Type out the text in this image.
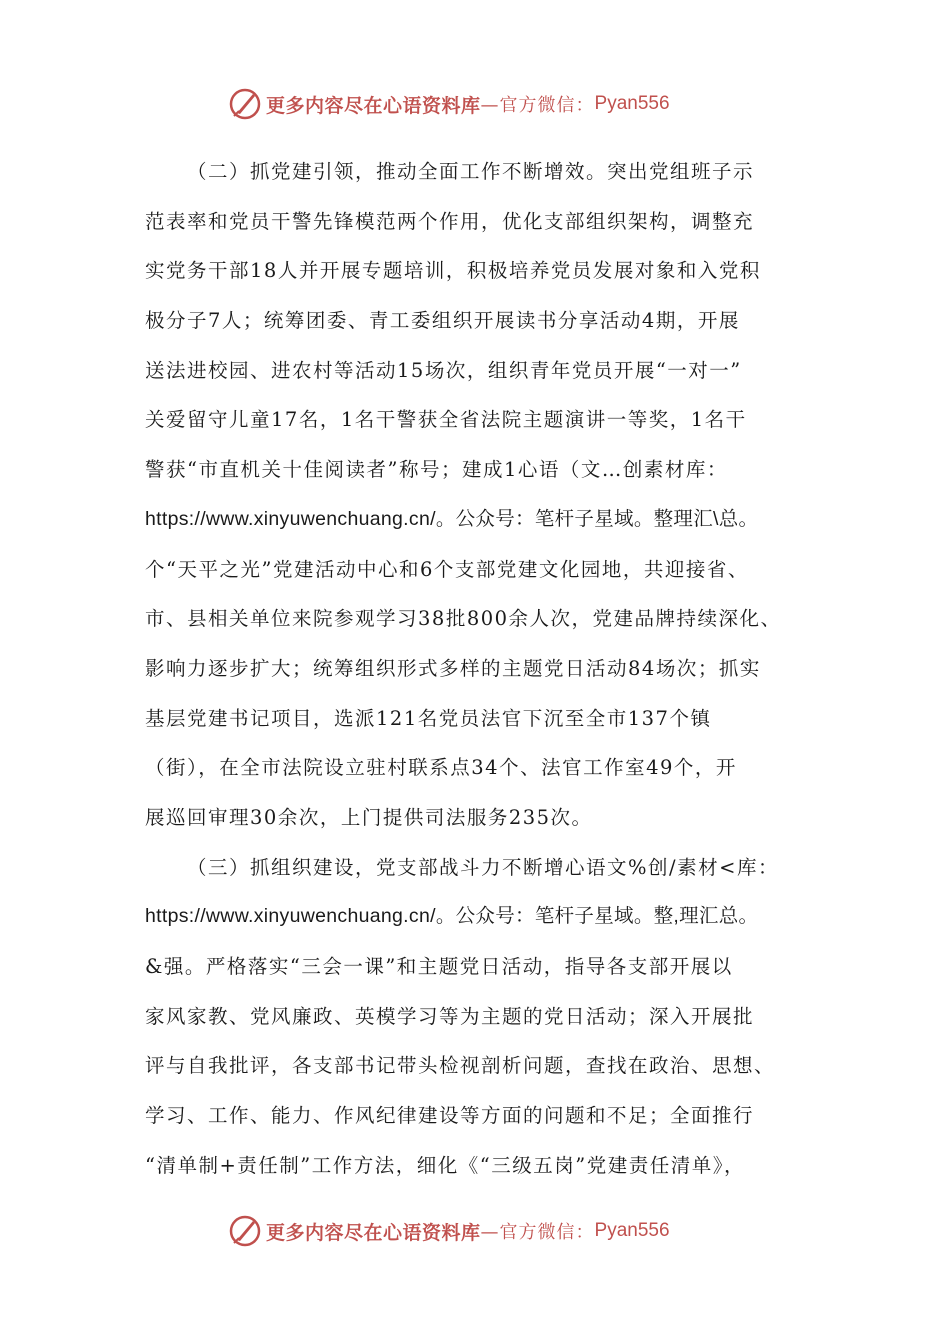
更多内容尽在心语资料库 —官方微信： Pyan556
（二）抓党建引领，推动全面工作不断增效。突出党组班子示
范表率和党员干警先锋模范两个作用，优化支部组织架构，调整充
实党务干部18人并开展专题培训，积极培养党员发展对象和入党积
极分子7人；统筹团委、青工委组织开展读书分享活动4期，开展
送法进校园、进农村等活动15场次，组织青年党员开展“一对一”
关爱留守儿童17名，1名干警获全省法院主题演讲一等奖，1名干
警获“市直机关十佳阅读者”称号；建成1心语（文…创素材库：
https://www.xinyuwenchuang.cn/。公众号：笔杆子星域。整理汇\总。
个“天平之光”党建活动中心和6个支部党建文化园地，共迎接省、
市、县相关单位来院参观学习38批800余人次，党建品牌持续深化、
影响力逐步扩大；统筹组织形式多样的主题党日活动84场次；抓实
基层党建书记项目，选派121名党员法官下沉至全市137个镇
（街），在全市法院设立驻村联系点34个、法官工作室49个，开
展巡回审理30余次，上门提供司法服务235次。
（三）抓组织建设，党支部战斗力不断增心语文%创/素材<库：
https://www.xinyuwenchuang.cn/。公众号：笔杆子星域。整,理汇总。
&强。严格落实“三会一课”和主题党日活动，指导各支部开展以
家风家教、党风廉政、英模学习等为主题的党日活动；深入开展批
评与自我批评，各支部书记带头检视剖析问题，查找在政治、思想、
学习、工作、能力、作风纪律建设等方面的问题和不足；全面推行
“清单制+责任制”工作方法，细化《“三级五岗”党建责任清单》，
更多内容尽在心语资料库 —官方微信： Pyan556
